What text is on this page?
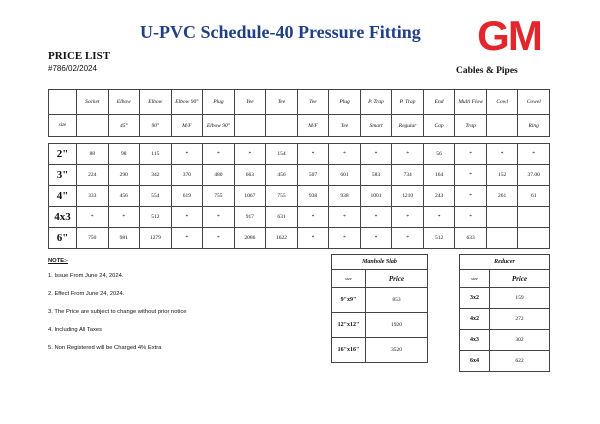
U-PVC Schedule-40 Pressure Fitting
PRICE LIST
#786/02/2024
GM
Cables & Pipes
	Socket	Elbow	Elbow	Elbow 90°	Plug	Yee	Tee	Tee	Plug	P. Trap	P. Trap	End	Multi Flow	Cowl	Cowel
size		45°	90°	M/F	Elbow 90°			M/F	Tee	Smart	Regular	Cap	Trap		Ring

2"	88	98	115	*	*	*	154	*	*	*	*	56	*	*	*
3"	224	290	342	370	480	663	456	507	601	583	734	164	*	152	37.00
4"	333	456	554	619	755	1067	755	938	938	1001	1210	243	*	261	61
4x3	*	*	512	*	*	917	631	*	*	*	*	*	*		
6"	750	981	1279	*	*	2086	1622	*	*	*	*	512	633		
NOTE:-
1. Issue From June 24, 2024.
2. Effect From June 24, 2024.
3. The Price are subject to change without prior notice
4. Including All Taxes
5. Non Registered will be Charged 4% Extra
Manhole Slab	
size	Price
9"x9"	853
12"x12"	1920
16"x16"	3520
Reducer	
size	Price
3x2	159
4x2	272
4x3	302
6x4	622
